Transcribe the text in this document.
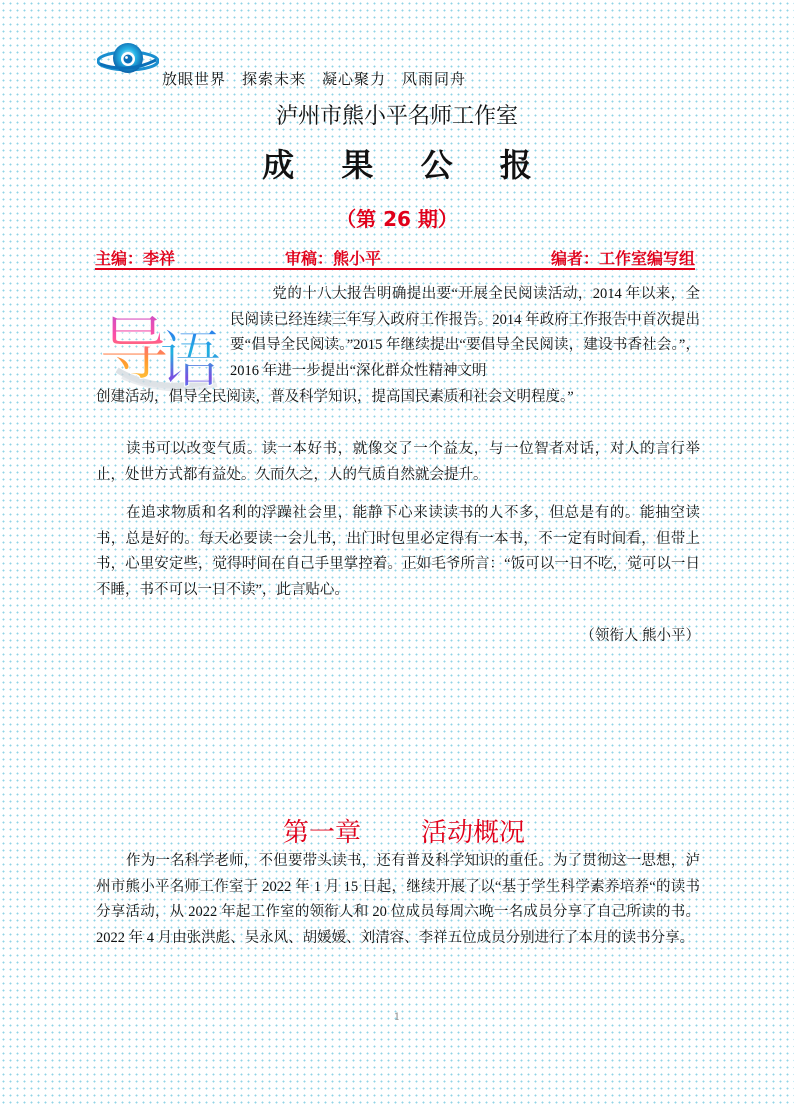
放眼世界 探索未来 凝心聚力 风雨同舟
泸州市熊小平名师工作室
成 果 公 报
（第 26 期）
主编：李祥	审稿：熊小平	编者：工作室编写组
导
语
党的十八大报告明确提出要“开展全民阅读活动，2014 年以来，全民阅读已经连续三年写入政府工作报告。2014 年政府工作报告中首次提出要“倡导全民阅读。”2015 年继续提出“要倡导全民阅读，建设书香社会。”，2016 年进一步提出“深化群众性精神文明
创建活动，倡导全民阅读，普及科学知识，提高国民素质和社会文明程度。”
读书可以改变气质。读一本好书，就像交了一个益友，与一位智者对话，对人的言行举止，处世方式都有益处。久而久之，人的气质自然就会提升。
在追求物质和名利的浮躁社会里，能静下心来读读书的人不多，但总是有的。能抽空读书，总是好的。每天必要读一会儿书，出门时包里必定得有一本书，不一定有时间看，但带上书，心里安定些，觉得时间在自己手里掌控着。正如毛爷所言：“饭可以一日不吃，觉可以一日不睡，书不可以一日不读”，此言贴心。
（领衔人 熊小平）
第一章 活动概况
作为一名科学老师，不但要带头读书，还有普及科学知识的重任。为了贯彻这一思想，泸州市熊小平名师工作室于 2022 年 1 月 15 日起，继续开展了以“基于学生科学素养培养“的读书分享活动，从 2022 年起工作室的领衔人和 20 位成员每周六晚一名成员分享了自己所读的书。2022 年 4 月由张洪彪、吴永风、胡媛媛、刘清容、李祥五位成员分别进行了本月的读书分享。
1
